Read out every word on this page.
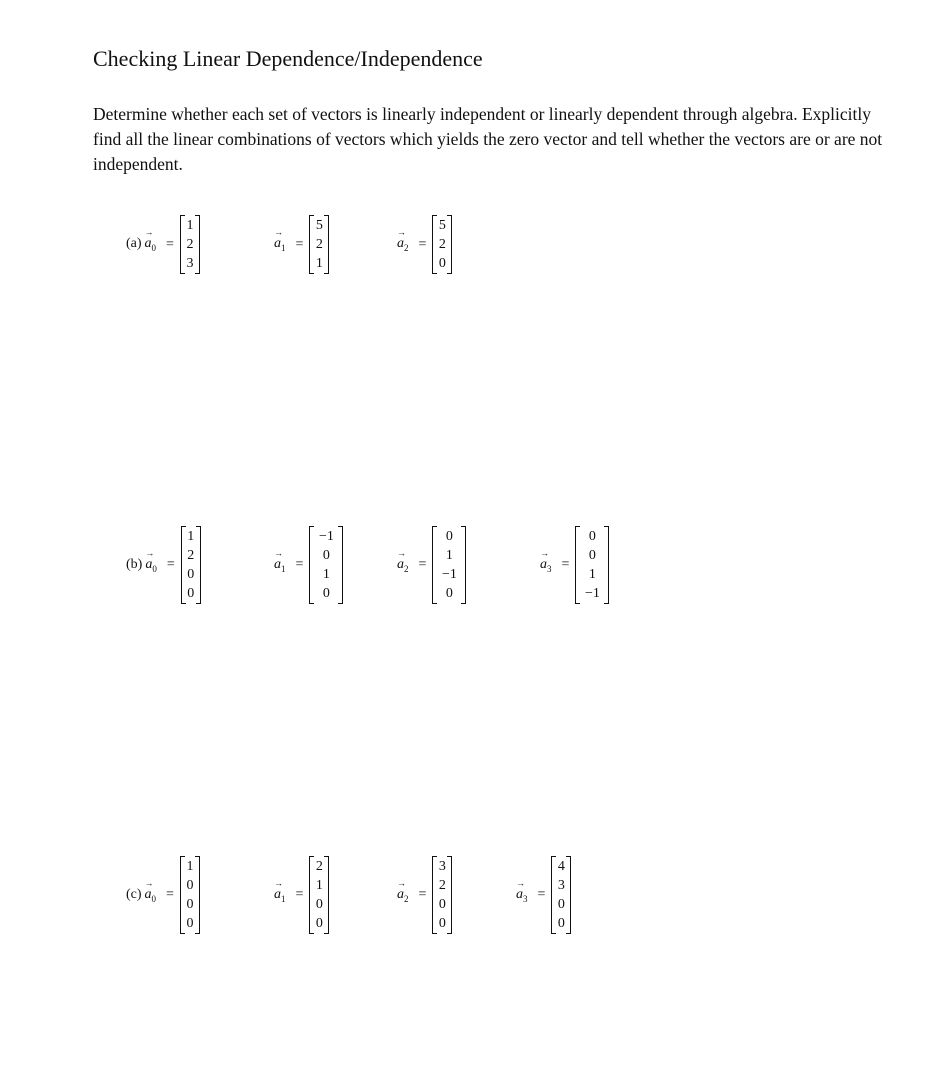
Checking Linear Dependence/Independence
Determine whether each set of vectors is linearly independent or linearly dependent through algebra. Explicitly find all the linear combinations of vectors which yields the zero vector and tell whether the vectors are or are not independent.
(a)
→
$a_0$ =
1
2
3
→
$a_1$ =
5
2
1
→
$a_2$ =
5
2
0
(b)
→
$a_0$ =
1
2
0
0
→
$a_1$ =
−1
0
1
0
→
$a_2$ =
0
1
−1
0
→
$a_3$ =
0
0
1
−1
(c)
→
$a_0$ =
1
0
0
0
→
$a_1$ =
2
1
0
0
→
$a_2$ =
3
2
0
0
→
$a_3$ =
4
3
0
0
